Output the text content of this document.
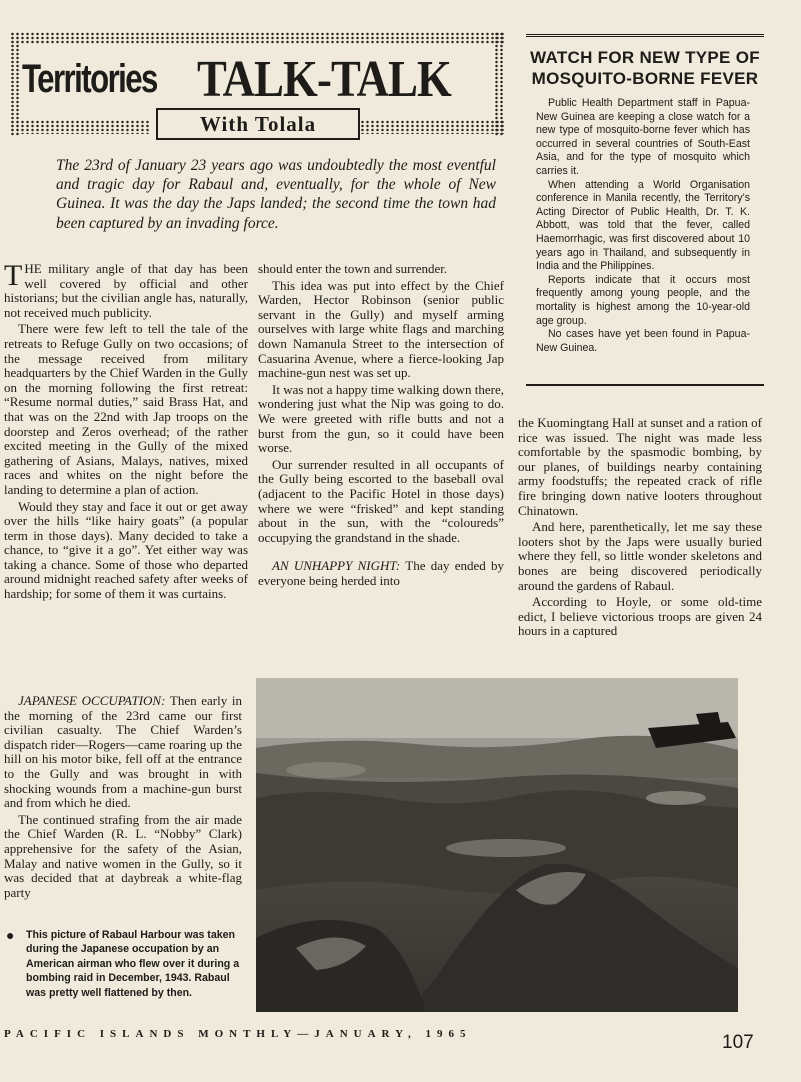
Territories TALK-TALK
With Tolala
The 23rd of January 23 years ago was undoubtedly the most eventful and tragic day for Rabaul and, eventually, for the whole of New Guinea. It was the day the Japs landed; the second time the town had been captured by an invading force.

THE military angle of that day has been well covered by official and other historians; but the civilian angle has, naturally, not received much publicity.

There were few left to tell the tale of the retreats to Refuge Gully on two occasions; of the message received from military headquarters by the Chief Warden in the Gully on the morning following the first retreat: “Resume normal duties,” said Brass Hat, and that was on the 22nd with Jap troops on the doorstep and Zeros overhead; of the rather excited meeting in the Gully of the mixed gathering of Asians, Malays, natives, mixed races and whites on the night before the landing to determine a plan of action.

Would they stay and face it out or get away over the hills “like hairy goats” (a popular term in those days). Many decided to take a chance, to “give it a go”. Yet either way was taking a chance. Some of those who departed around midnight reached safety after weeks of hardship; for some of them it was curtains.

JAPANESE OCCUPATION: Then early in the morning of the 23rd came our first civilian casualty. The Chief Warden’s dispatch rider—Rogers—came roaring up the hill on his motor bike, fell off at the entrance to the Gully and was brought in with shocking wounds from a machine-gun burst and from which he died.

The continued strafing from the air made the Chief Warden (R. L. “Nobby” Clark) apprehensive for the safety of the Asian, Malay and native women in the Gully, so it was decided that at daybreak a white-flag party

should enter the town and surrender.

This idea was put into effect by the Chief Warden, Hector Robinson (senior public servant in the Gully) and myself arming ourselves with large white flags and marching down Namanula Street to the intersection of Casuarina Avenue, where a fierce-looking Jap machine-gun nest was set up.

It was not a happy time walking down there, wondering just what the Nip was going to do. We were greeted with rifle butts and not a burst from the gun, so it could have been worse.

Our surrender resulted in all occupants of the Gully being escorted to the baseball oval (adjacent to the Pacific Hotel in those days) where we were “frisked” and kept standing about in the sun, with the “coloureds” occupying the grandstand in the shade.

AN UNHAPPY NIGHT: The day ended by everyone being herded into

WATCH FOR NEW TYPE OF MOSQUITO-BORNE FEVER

Public Health Department staff in Papua-New Guinea are keeping a close watch for a new type of mosquito-borne fever which has occurred in several countries of South-East Asia, and for the type of mosquito which carries it.

When attending a World Organisation conference in Manila recently, the Territory’s Acting Director of Public Health, Dr. T. K. Abbott, was told that the fever, called Haemorrhagic, was first discovered about 10 years ago in Thailand, and subsequently in India and the Philippines.

Reports indicate that it occurs most frequently among young people, and the mortality is highest among the 10-year-old age group.

No cases have yet been found in Papua-New Guinea.

the Kuomingtang Hall at sunset and a ration of rice was issued. The night was made less comfortable by the spasmodic bombing, by our planes, of buildings nearby containing army foodstuffs; the repeated crack of rifle fire bringing down native looters throughout Chinatown.

And here, parenthetically, let me say these looters shot by the Japs were usually buried where they fell, so little wonder skeletons and bones are being discovered periodically around the gardens of Rabaul.

According to Hoyle, or some old-time edict, I believe victorious troops are given 24 hours in a captured

● This picture of Rabaul Harbour was taken during the Japanese occupation by an American airman who flew over it during a bombing raid in December, 1943. Rabaul was pretty well flattened by then.
PACIFIC ISLANDS MONTHLY—JANUARY, 1965	107
